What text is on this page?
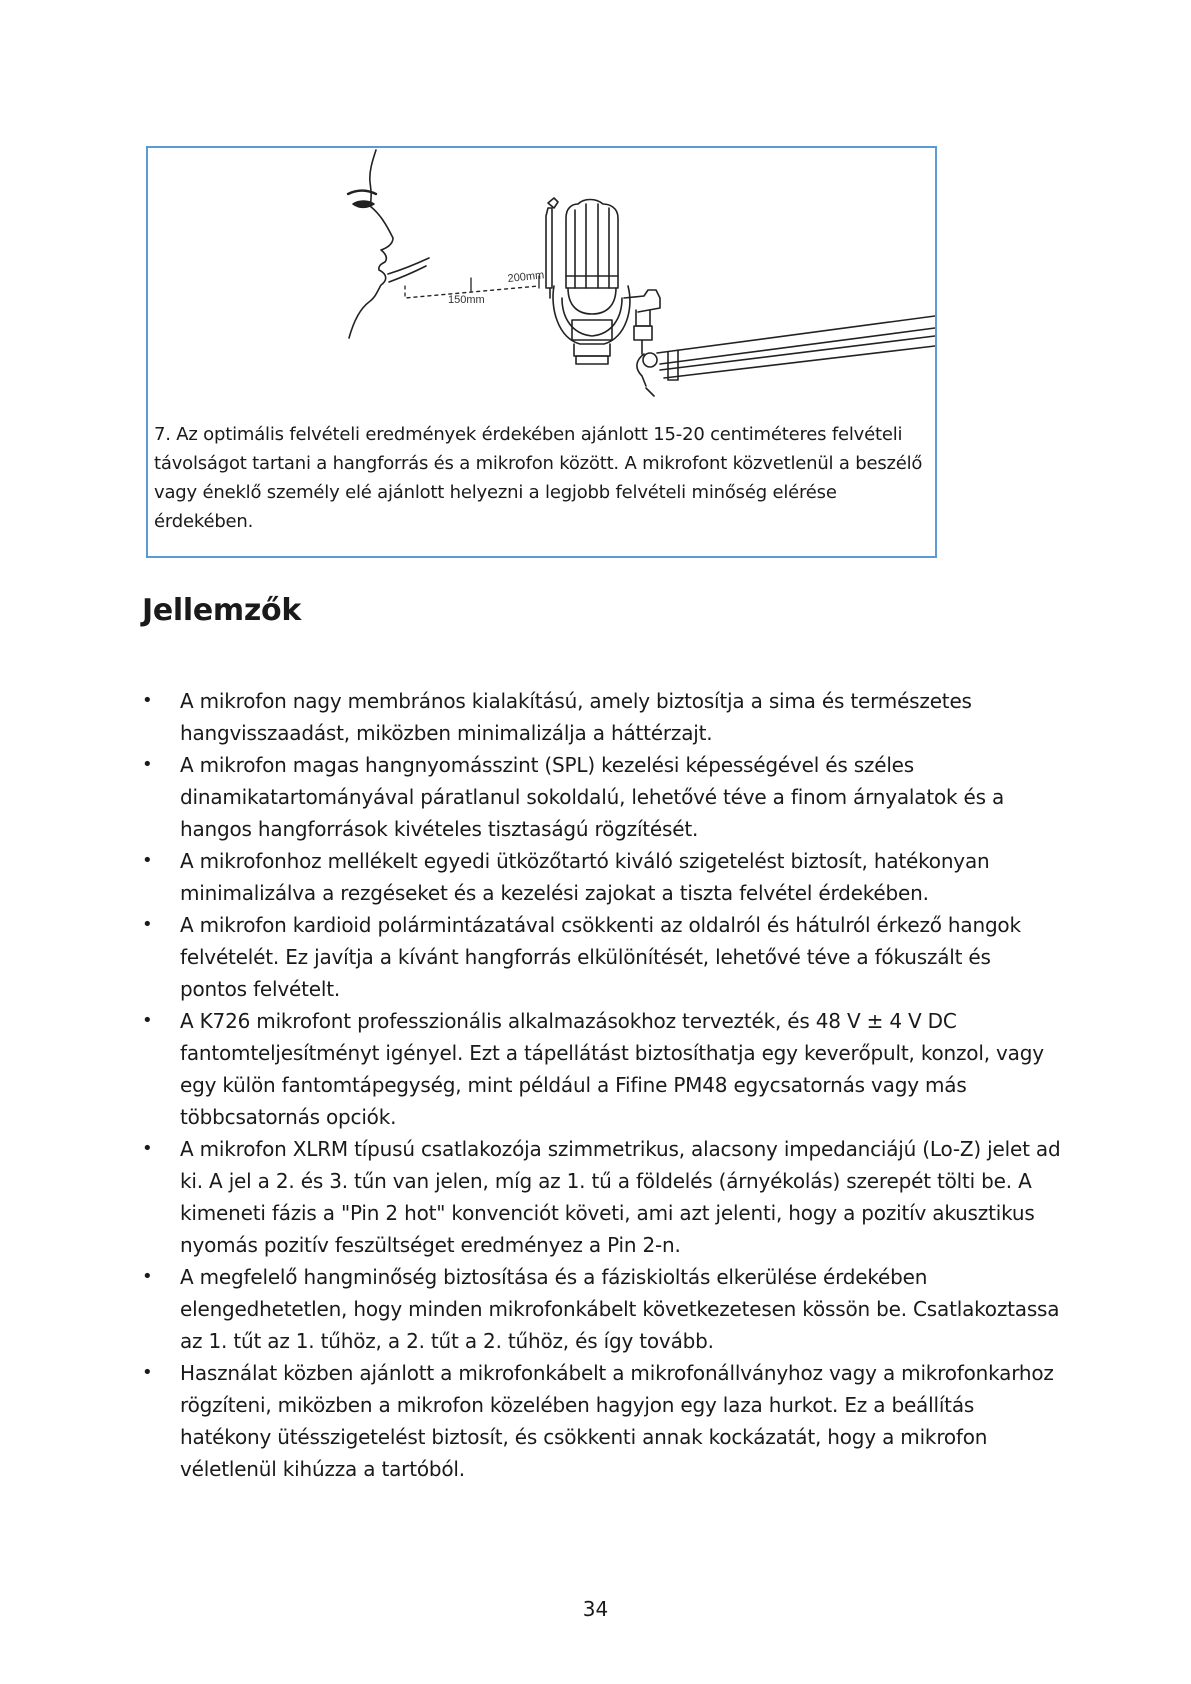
150mm
200mm

7. Az optimális felvételi eredmények érdekében ajánlott 15-20 centiméteres felvételi távolságot tartani a hangforrás és a mikrofon között. A mikrofont közvetlenül a beszélő vagy éneklő személy elé ajánlott helyezni a legjobb felvételi minőség elérése érdekében.

Jellemzők
•	A mikrofon nagy membrános kialakítású, amely biztosítja a sima és természetes hangvisszaadást, miközben minimalizálja a háttérzajt.
•	A mikrofon magas hangnyomásszint (SPL) kezelési képességével és széles dinamikatartományával páratlanul sokoldalú, lehetővé téve a finom árnyalatok és a hangos hangforrások kivételes tisztaságú rögzítését.
•	A mikrofonhoz mellékelt egyedi ütközőtartó kiváló szigetelést biztosít, hatékonyan minimalizálva a rezgéseket és a kezelési zajokat a tiszta felvétel érdekében.
•	A mikrofon kardioid polármintázatával csökkenti az oldalról és hátulról érkező hangok felvételét. Ez javítja a kívánt hangforrás elkülönítését, lehetővé téve a fókuszált és pontos felvételt.
•	A K726 mikrofont professzionális alkalmazásokhoz tervezték, és 48 V ± 4 V DC fantomteljesítményt igényel. Ezt a tápellátást biztosíthatja egy keverőpult, konzol, vagy egy külön fantomtápegység, mint például a Fifine PM48 egycsatornás vagy más többcsatornás opciók.
•	A mikrofon XLRM típusú csatlakozója szimmetrikus, alacsony impedanciájú (Lo-Z) jelet ad ki. A jel a 2. és 3. tűn van jelen, míg az 1. tű a földelés (árnyékolás) szerepét tölti be. A kimeneti fázis a "Pin 2 hot" konvenciót követi, ami azt jelenti, hogy a pozitív akusztikus nyomás pozitív feszültséget eredményez a Pin 2-n.
•	A megfelelő hangminőség biztosítása és a fáziskioltás elkerülése érdekében elengedhetetlen, hogy minden mikrofonkábelt következetesen kössön be. Csatlakoztassa az 1. tűt az 1. tűhöz, a 2. tűt a 2. tűhöz, és így tovább.
•	Használat közben ajánlott a mikrofonkábelt a mikrofonállványhoz vagy a mikrofonkarhoz rögzíteni, miközben a mikrofon közelében hagyjon egy laza hurkot. Ez a beállítás hatékony ütésszigetelést biztosít, és csökkenti annak kockázatát, hogy a mikrofon véletlenül kihúzza a tartóból.
34
